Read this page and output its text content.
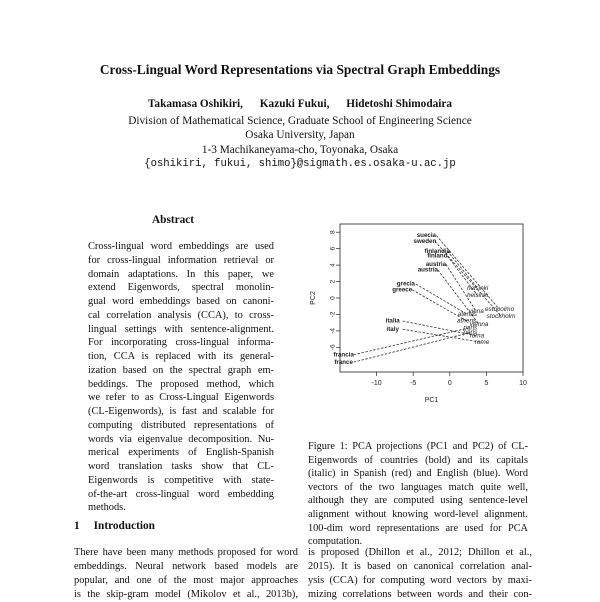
Cross-Lingual Word Representations via Spectral Graph Embeddings
Takamasa Oshikiri, Kazuki Fukui, Hidetoshi Shimodaira
Division of Mathematical Science, Graduate School of Engineering Science
Osaka University, Japan
1-3 Machikaneyama-cho, Toyonaka, Osaka
{oshikiri, fukui, shimo}@sigmath.es.osaka-u.ac.jp
Abstract
Cross-lingual word embeddings are used
for cross-lingual information retrieval or
domain adaptations. In this paper, we
extend Eigenwords, spectral monolin-
gual word embeddings based on canoni-
cal correlation analysis (CCA), to cross-
lingual settings with sentence-alignment.
For incorporating cross-lingual informa-
tion, CCA is replaced with its general-
ization based on the spectral graph em-
beddings. The proposed method, which
we refer to as Cross-Lingual Eigenwords
(CL-Eigenwords), is fast and scalable for
computing distributed representations of
words via eigenvalue decomposition. Nu-
merical experiments of English-Spanish
word translation tasks show that CL-
Eigenwords is competitive with state-
of-the-art cross-lingual word embedding
methods.
1 Introduction
There have been many methods proposed for word
embeddings. Neural network based models are
popular, and one of the most major approaches
is the skip-gram model (Mikolov et al., 2013b),
is proposed (Dhillon et al., 2012; Dhillon et al.,
2015). It is based on canonical correlation anal-
ysis (CCA) for computing word vectors by maxi-
mizing correlations between words and their con-
-10	-5	0	5	10
-6
-4
-2
0
2
4
6
8
PC1
PC2
suecia
sweden
finlandia
finland
austria
austria
grecia
greece	helsinki
helsinki
estocolmo
stockholm
atenas
athens
viena
vienna
paris
paris
roma
rome
italia
italy
francia
france
Figure 1: PCA projections (PC1 and PC2) of CL-
Eigenwords of countries (bold) and its capitals
(italic) in Spanish (red) and English (blue). Word
vectors of the two languages match quite well,
although they are computed using sentence-level
alignment without knowing word-level alignment.
100-dim word representations are used for PCA
computation.
